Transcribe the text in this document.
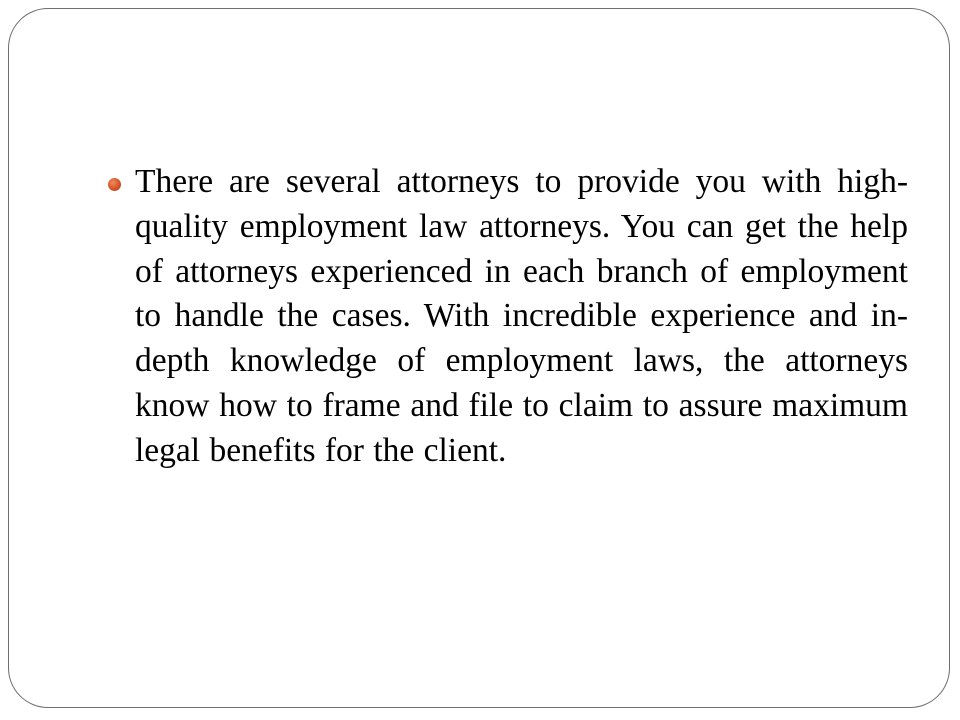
There are several attorneys to provide you with high-quality employment law attorneys. You can get the help of attorneys experienced in each branch of employment to handle the cases. With incredible experience and in-depth knowledge of employment laws, the attorneys know how to frame and file to claim to assure maximum legal benefits for the client.
